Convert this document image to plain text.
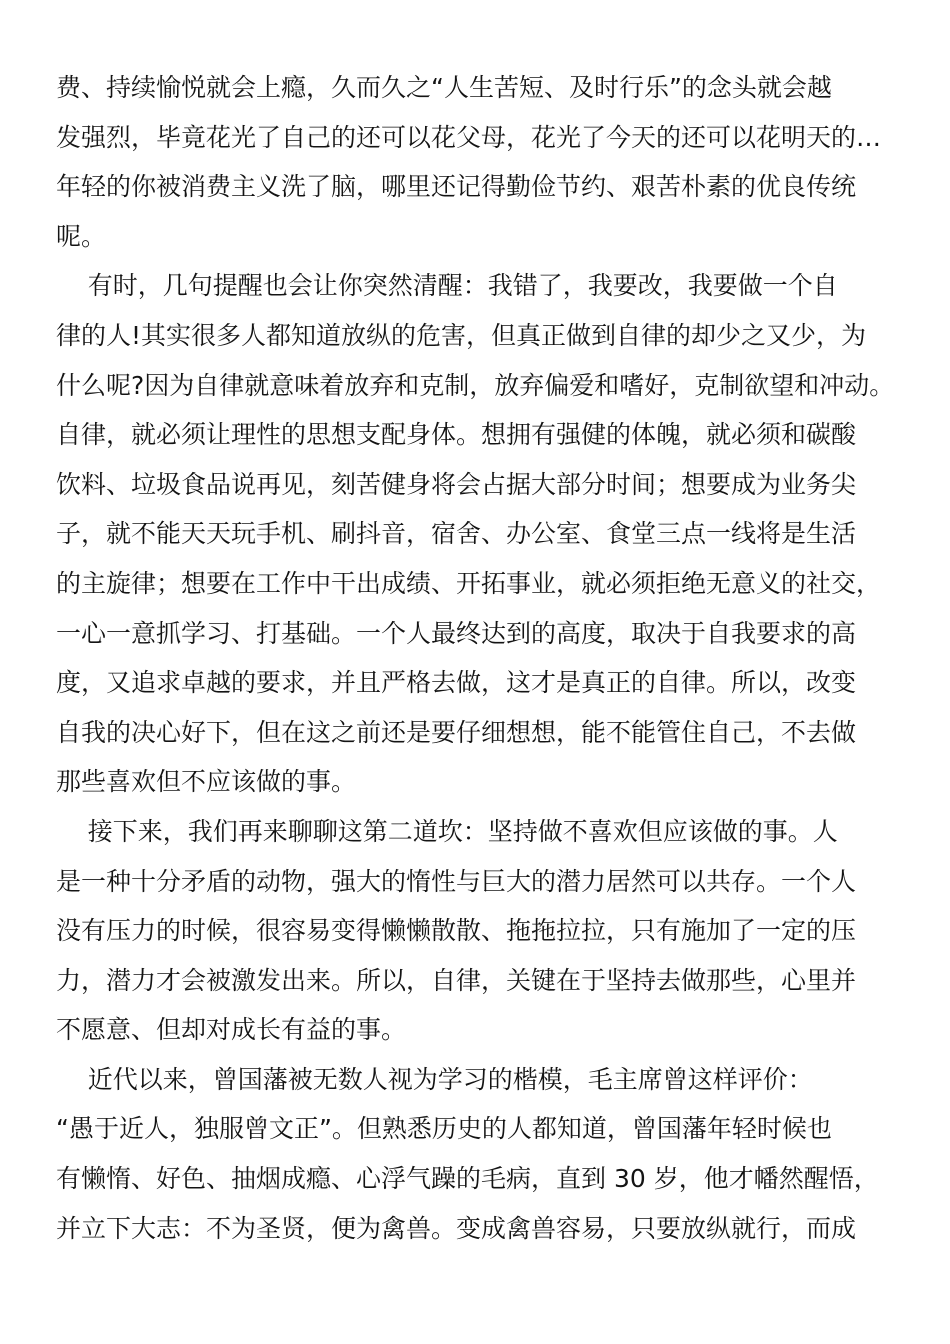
费、持续愉悦就会上瘾，久而久之“人生苦短、及时行乐”的念头就会越

发强烈，毕竟花光了自己的还可以花父母，花光了今天的还可以花明天的…

年轻的你被消费主义洗了脑，哪里还记得勤俭节约、艰苦朴素的优良传统

呢。

有时，几句提醒也会让你突然清醒：我错了，我要改，我要做一个自

律的人!其实很多人都知道放纵的危害，但真正做到自律的却少之又少，为

什么呢?因为自律就意味着放弃和克制，放弃偏爱和嗜好，克制欲望和冲动。

自律，就必须让理性的思想支配身体。想拥有强健的体魄，就必须和碳酸

饮料、垃圾食品说再见，刻苦健身将会占据大部分时间；想要成为业务尖

子，就不能天天玩手机、刷抖音，宿舍、办公室、食堂三点一线将是生活

的主旋律；想要在工作中干出成绩、开拓事业，就必须拒绝无意义的社交，

一心一意抓学习、打基础。一个人最终达到的高度，取决于自我要求的高

度，又追求卓越的要求，并且严格去做，这才是真正的自律。所以，改变

自我的决心好下，但在这之前还是要仔细想想，能不能管住自己，不去做

那些喜欢但不应该做的事。

接下来，我们再来聊聊这第二道坎：坚持做不喜欢但应该做的事。人

是一种十分矛盾的动物，强大的惰性与巨大的潜力居然可以共存。一个人

没有压力的时候，很容易变得懒懒散散、拖拖拉拉，只有施加了一定的压

力，潜力才会被激发出来。所以，自律，关键在于坚持去做那些，心里并

不愿意、但却对成长有益的事。

近代以来，曾国藩被无数人视为学习的楷模，毛主席曾这样评价：

“愚于近人，独服曾文正”。但熟悉历史的人都知道，曾国藩年轻时候也

有懒惰、好色、抽烟成瘾、心浮气躁的毛病，直到 30 岁，他才幡然醒悟，

并立下大志：不为圣贤，便为禽兽。变成禽兽容易，只要放纵就行，而成
